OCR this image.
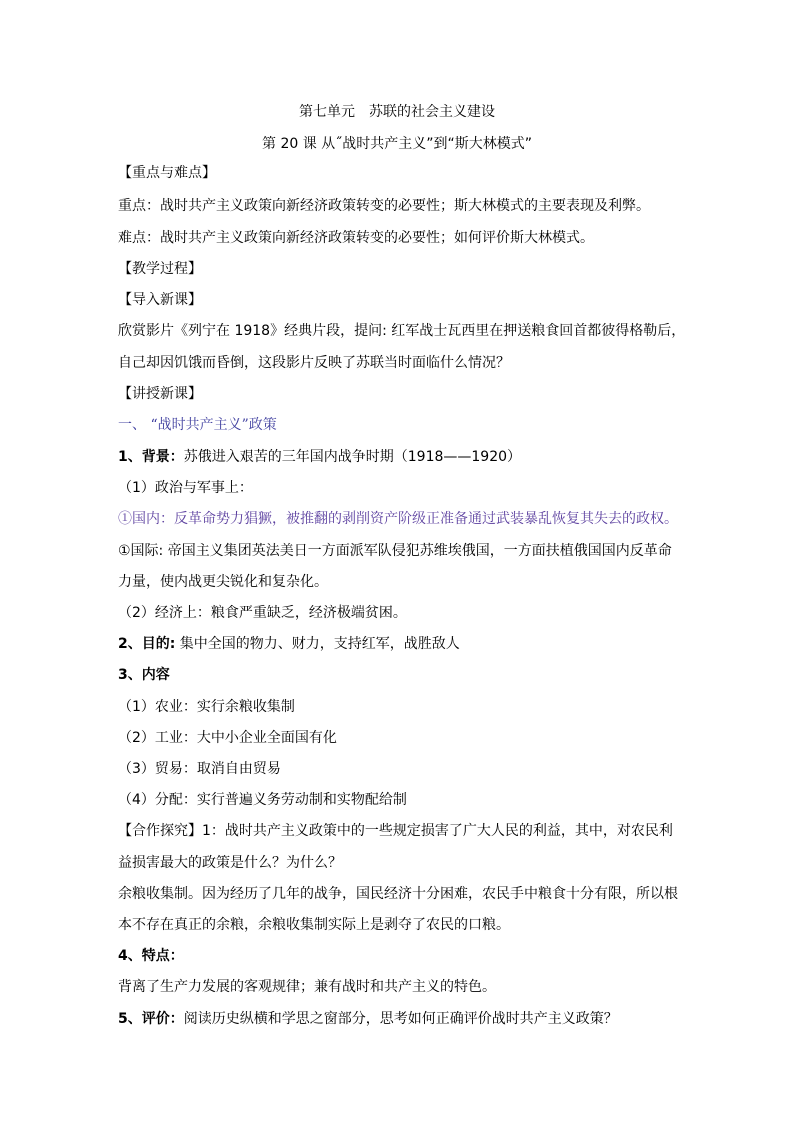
第七单元　苏联的社会主义建设
第 20 课 从˝战时共产主义”到“斯大林模式”
【重点与难点】
重点：战时共产主义政策向新经济政策转变的必要性；斯大林模式的主要表现及利弊。
难点：战时共产主义政策向新经济政策转变的必要性；如何评价斯大林模式。
【教学过程】
【导入新课】
欣赏影片《列宁在 1918》经典片段，提问: 红军战士瓦西里在押送粮食回首都彼得格勒后，
自己却因饥饿而昏倒，这段影片反映了苏联当时面临什么情况？
【讲授新课】
一、 “战时共产主义”政策
1、背景：苏俄进入艰苦的三年国内战争时期（1918——1920）
（1）政治与军事上：
①国内：反革命势力猖獗，被推翻的剥削资产阶级正准备通过武装暴乱恢复其失去的政权。
①国际: 帝国主义集团英法美日一方面派军队侵犯苏维埃俄国，一方面扶植俄国国内反革命
力量，使内战更尖锐化和复杂化。
（2）经济上：粮食严重缺乏，经济极端贫困。
2、目的: 集中全国的物力、财力，支持红军，战胜敌人
3、内容
（1）农业：实行余粮收集制
（2）工业：大中小企业全面国有化
（3）贸易：取消自由贸易
（4）分配：实行普遍义务劳动制和实物配给制
【合作探究】1：战时共产主义政策中的一些规定损害了广大人民的利益，其中，对农民利
益损害最大的政策是什么？为什么？
余粮收集制。因为经历了几年的战争，国民经济十分困难，农民手中粮食十分有限，所以根
本不存在真正的余粮，余粮收集制实际上是剥夺了农民的口粮。
4、特点：
背离了生产力发展的客观规律；兼有战时和共产主义的特色。
5、评价：阅读历史纵横和学思之窗部分，思考如何正确评价战时共产主义政策？
